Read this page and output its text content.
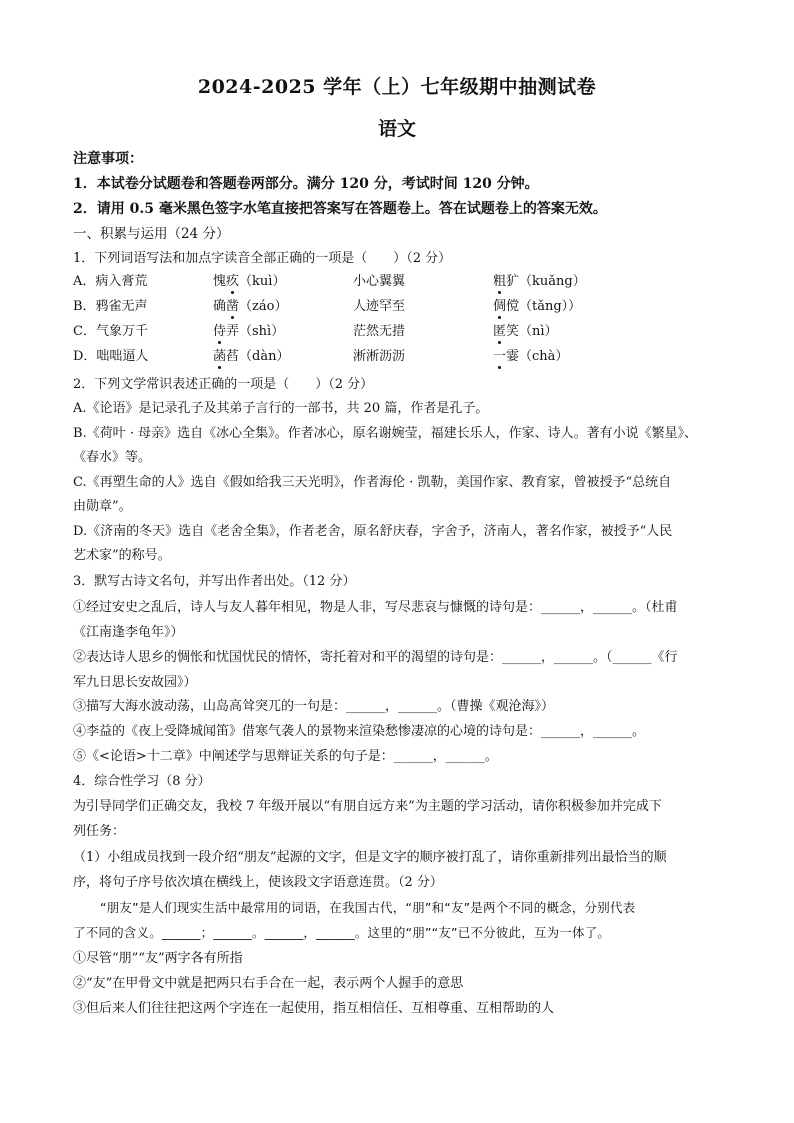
2024-2025 学年（上）七年级期中抽测试卷
语文
注意事项：
1．本试卷分试题卷和答题卷两部分。满分 120 分，考试时间 120 分钟。
2．请用 0.5 毫米黑色签字水笔直接把答案写在答题卷上。答在试题卷上的答案无效。
一、积累与运用（24 分）
1．下列词语写法和加点字读音全部正确的一项是（　　）（2 分）
A．病入膏荒	愧疚（kuì）	小心翼翼	粗犷（kuǎng）
B．鸦雀无声	确凿（záo）	人迹罕至	倜傥（tǎng））
C．气象万千	侍弄（shì）	茫然无措	匿笑（nì）
D．咄咄逼人	菡萏（dàn）	淅淅沥沥	一霎（chà）
2．下列文学常识表述正确的一项是（　　）（2 分）
A.《论语》是记录孔子及其弟子言行的一部书，共 20 篇，作者是孔子。
B.《荷叶 · 母亲》选自《冰心全集》。作者冰心，原名谢婉莹，福建长乐人，作家、诗人。著有小说《繁星》、
《春水》等。
C.《再塑生命的人》选自《假如给我三天光明》，作者海伦 · 凯勒，美国作家、教育家，曾被授予“总统自
由勋章”。
D.《济南的冬天》选自《老舍全集》，作者老舍，原名舒庆春，字舍予，济南人，著名作家，被授予“人民
艺术家”的称号。
3．默写古诗文名句，并写出作者出处。（12 分）
①经过安史之乱后，诗人与友人暮年相见，物是人非，写尽悲哀与慷慨的诗句是：______，______。（杜甫
《江南逢李龟年》）
②表达诗人思乡的惆怅和忧国忧民的情怀，寄托着对和平的渴望的诗句是：______，______。（______《行
军九日思长安故园》）
③描写大海水波动荡，山岛高耸突兀的一句是：______，______。（曹操《观沧海》）
④李益的《夜上受降城闻笛》借寒气袭人的景物来渲染愁惨凄凉的心境的诗句是：______，______。
⑤《<论语>十二章》中阐述学与思辩证关系的句子是：______，______。
4．综合性学习（8 分）
为引导同学们正确交友，我校 7 年级开展以“有朋自远方来”为主题的学习活动，请你积极参加并完成下
列任务：
（1）小组成员找到一段介绍“朋友”起源的文字，但是文字的顺序被打乱了，请你重新排列出最恰当的顺
序，将句子序号依次填在横线上，使该段文字语意连贯。（2 分）
“朋友”是人们现实生活中最常用的词语，在我国古代，“朋”和“友”是两个不同的概念，分别代表
了不同的含义。______；______。______，______。这里的“朋”“友”已不分彼此，互为一体了。
①尽管“朋”“友”两字各有所指
②“友”在甲骨文中就是把两只右手合在一起，表示两个人握手的意思
③但后来人们往往把这两个字连在一起使用，指互相信任、互相尊重、互相帮助的人
